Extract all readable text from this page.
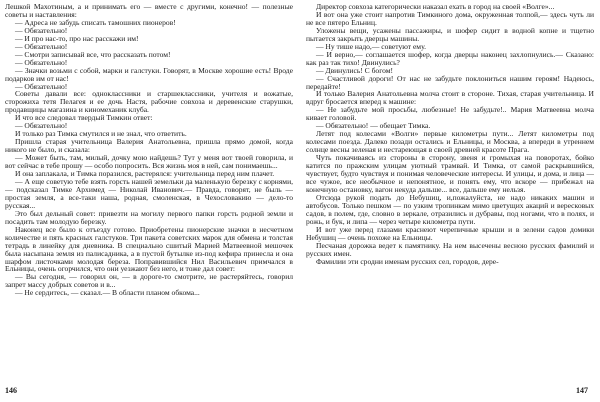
Лешкой Махотиным, а и принимать его — вместе с другими, конечно! — полезные советы и наставления:

— Адреса не забудь списать тамошних пионеров!

— Обязательно!

— И про нас-то, про нас расскажи им!

— Обязательно!

— Смотри записывай все, что рассказать потом!

— Обязательно!

— Значки возьми с собой, марки и галстуки. Говорят, в Москве хорошие есть! Вроде подарков им от нас!

— Обязательно!

Советы давали все: одноклассники и старшеклассники, учителя и вожатые, сторожиха тетя Пелагея и ее дочь Настя, рабочие совхоза и деревенские старушки, продавщицы магазина и киномеханик клуба.

И что все следовал твердый Тимкин ответ:

— Обязательно!

И только раз Тимка смутился и не знал, что ответить.

Пришла старая учительница Валерия Анатольевна, пришла прямо домой, когда никого не было, и сказала:

— Может быть, там, милый, дочку мою найдешь? Тут у меня вот твоей говорила, и вот сейчас в тебе прошу — особо попросить. Вся жизнь моя в ней, сам понимаешь...

И она заплакала, и Тимка поразился, растерялся: учительница перед ним плачет.

— А еще советую тебе взять горсть нашей земельки да маленькую березку с корнями,— подсказал Тимке Архимед — Николай Иванович.— Правда, говорят, не быль — простая земля, а все-таки наша, родная, смоленская, в Чехословакию — дело-то русская...

Это был дельный совет: привезти на могилу первого папки горсть родной земли и посадить там молодую березку.

Наконец все было к отъезду готово. Приобретены пионерские значки в несчетном количестве и пять красных галстуков. Три пакета советских марок для обмена и толстая тетрадь в линейку для дневника. В специально сшитый Марией Матвеевной мешочек была насыпана земля из палисадника, а в пустой бутылке из-под кефира принесла и она шарфом листочками молодая береза. Поправившийся Нил Васильевич примчался в Ельницы, очень огорчился, что они уезжают без него, и тоже дал совет:

— Вы сегодня, — говорил он, — в дороге-то смотрите, не растеряйтесь, говорил запрет массу добрых советов и в...

— Не сердитесь, — сказал.— В области планом обкома...

Директор совхоза категорически наказал ехать в город на своей «Волге»...

И вот она уже стоит напротив Тимкиного дома, окруженная толпой,— здесь чуть ли не все пятеро Ельниц.

Уложены вещи, усажены пассажиры, и шофер сидит в водной копне и тщетно пытается закрыть дверцы машины.

— Ну тише надо,— советуют ему.

— И верно,— соглашается шофер, когда дверцы наконец захлопнулись.— Сказано: как раз так тихо! Двинулись?

— Двинулись! С богом!

— Счастливой дороги! От нас не забудьте поклониться нашим героям! Надеюсь, передайте!

И только Валерия Анатольевна молча стоит в стороне. Тихая, старая учительница. И вдруг бросается вперед к машине:

— Не забудьте мой просьбы, любезные! Не забудьте!.. Мария Матвеевна молча кивает головой.

— Обязательно! — обещает Тимка.

Летят под колесами «Волги» первые километры пути... Летят километры под колесами поезда. Далеко позади остались и Ельницы, и Москва, а впереди в утреннем солнце весны зеленая и нестареющая в своей древней красоте Прага.

Чуть покачиваясь из стороны в сторону, звеня и громыхая на поворотах, бойко катится по пражским улицам уютный трамвай. И Тимка, от самой раскрывшийся, чувствует, будто чувствуя и понимая человеческие интересы. И улицы, и дома, и лица — все чужое, все необычное и непонятное, и понять ему, что вскоре — прибежал на конечную остановку, вагон некуда дальше... все, дальше ему нельзя.

Отсюда рукой подать до Небушиц, и,пожалуйста, не надо никаких машин и автобусов. Только пешком — по узким тропинкам мимо цветущих акаций и вересковых садов, в полем, где, словно в зеркале, отразились и дубравы, под ногами, что в полях, и рожь, и бук, и липа — через четыре километра пути.

И вот уже перед глазами краснеют черепичные крыши и в зелени садов домики Небушиц — очень похоже на Ельницы.

Песчаная дорожка ведет к памятнику. На нем высечены весною русских фамилий и русских имен.

Фамилии эти сродни именам русских сел, городов, дере-

146	147
